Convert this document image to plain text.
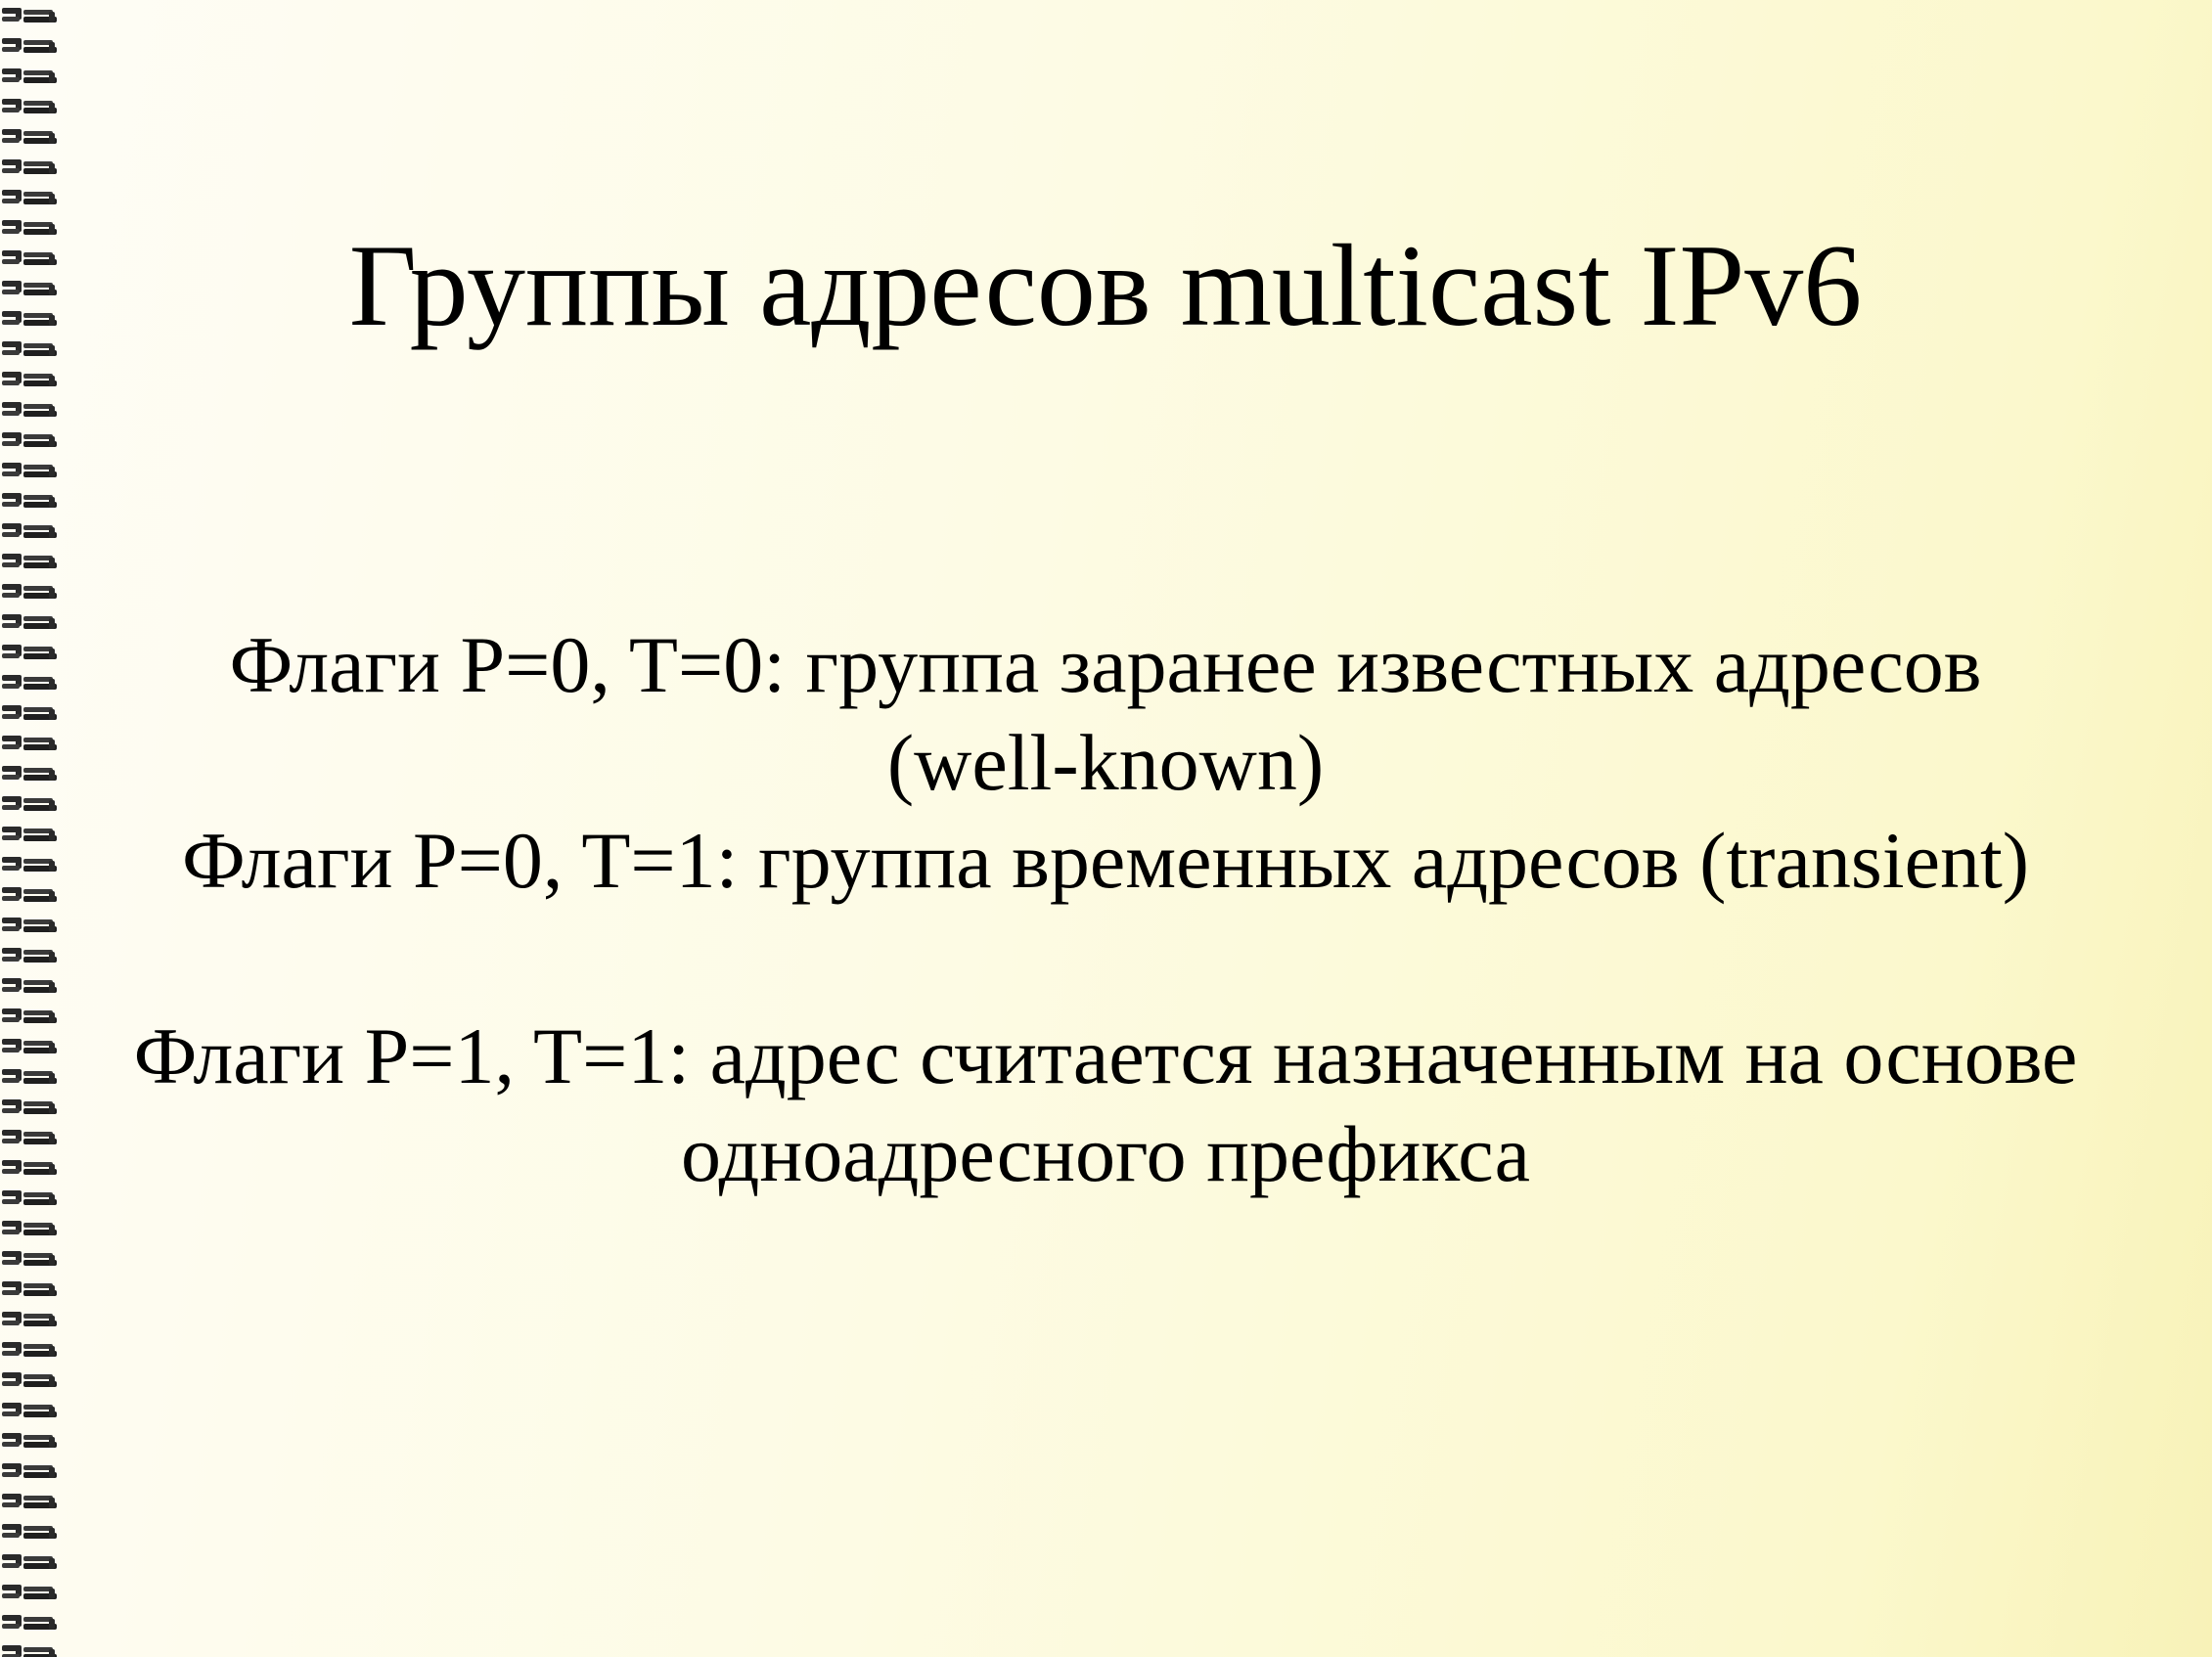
Группы адресов multicast IPv6

Флаги P=0, T=0: группа заранее известных адресов (well-known)

Флаги P=0, T=1: группа временных адресов (transient)

Флаги P=1, T=1: адрес считается назначенным на основе одноадресного префикса
